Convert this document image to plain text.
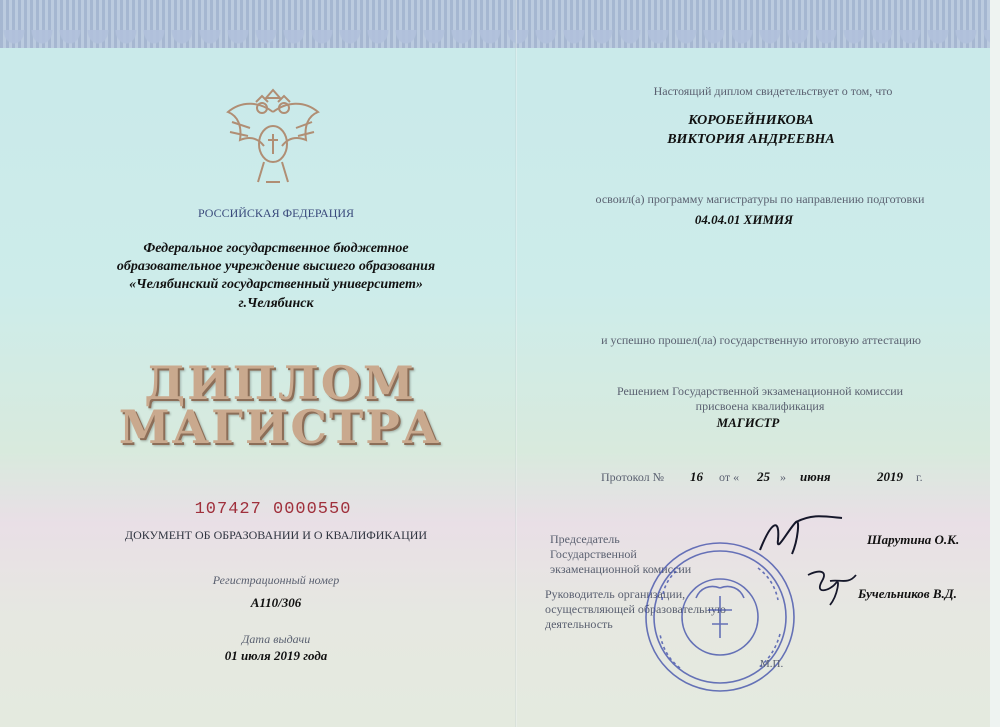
РОССИЙСКАЯ ФЕДЕРАЦИЯ
Федеральное государственное бюджетное
образовательное учреждение высшего образования
«Челябинский государственный университет»
г.Челябинск
ДИПЛОМ
МАГИСТРА
107427 0000550
ДОКУМЕНТ ОБ ОБРАЗОВАНИИ И О КВАЛИФИКАЦИИ
Регистрационный номер
А110/306
Дата выдачи
01 июля 2019 года
Настоящий диплом свидетельствует о том, что
КОРОБЕЙНИКОВА
ВИКТОРИЯ АНДРЕЕВНА
освоил(а) программу магистратуры по направлению подготовки
04.04.01 ХИМИЯ
и успешно прошел(ла) государственную итоговую аттестацию
Решением Государственной экзаменационной комиссии
присвоена квалификация
МАГИСТР
Протокол № 16 от « 25 » июня	2019 г.
Председатель
Государственной
экзаменационной комиссии
Шарутина О.К.
Руководитель организации,
осуществляющей образовательную
деятельность
Бучельников В.Д.
М.П.
